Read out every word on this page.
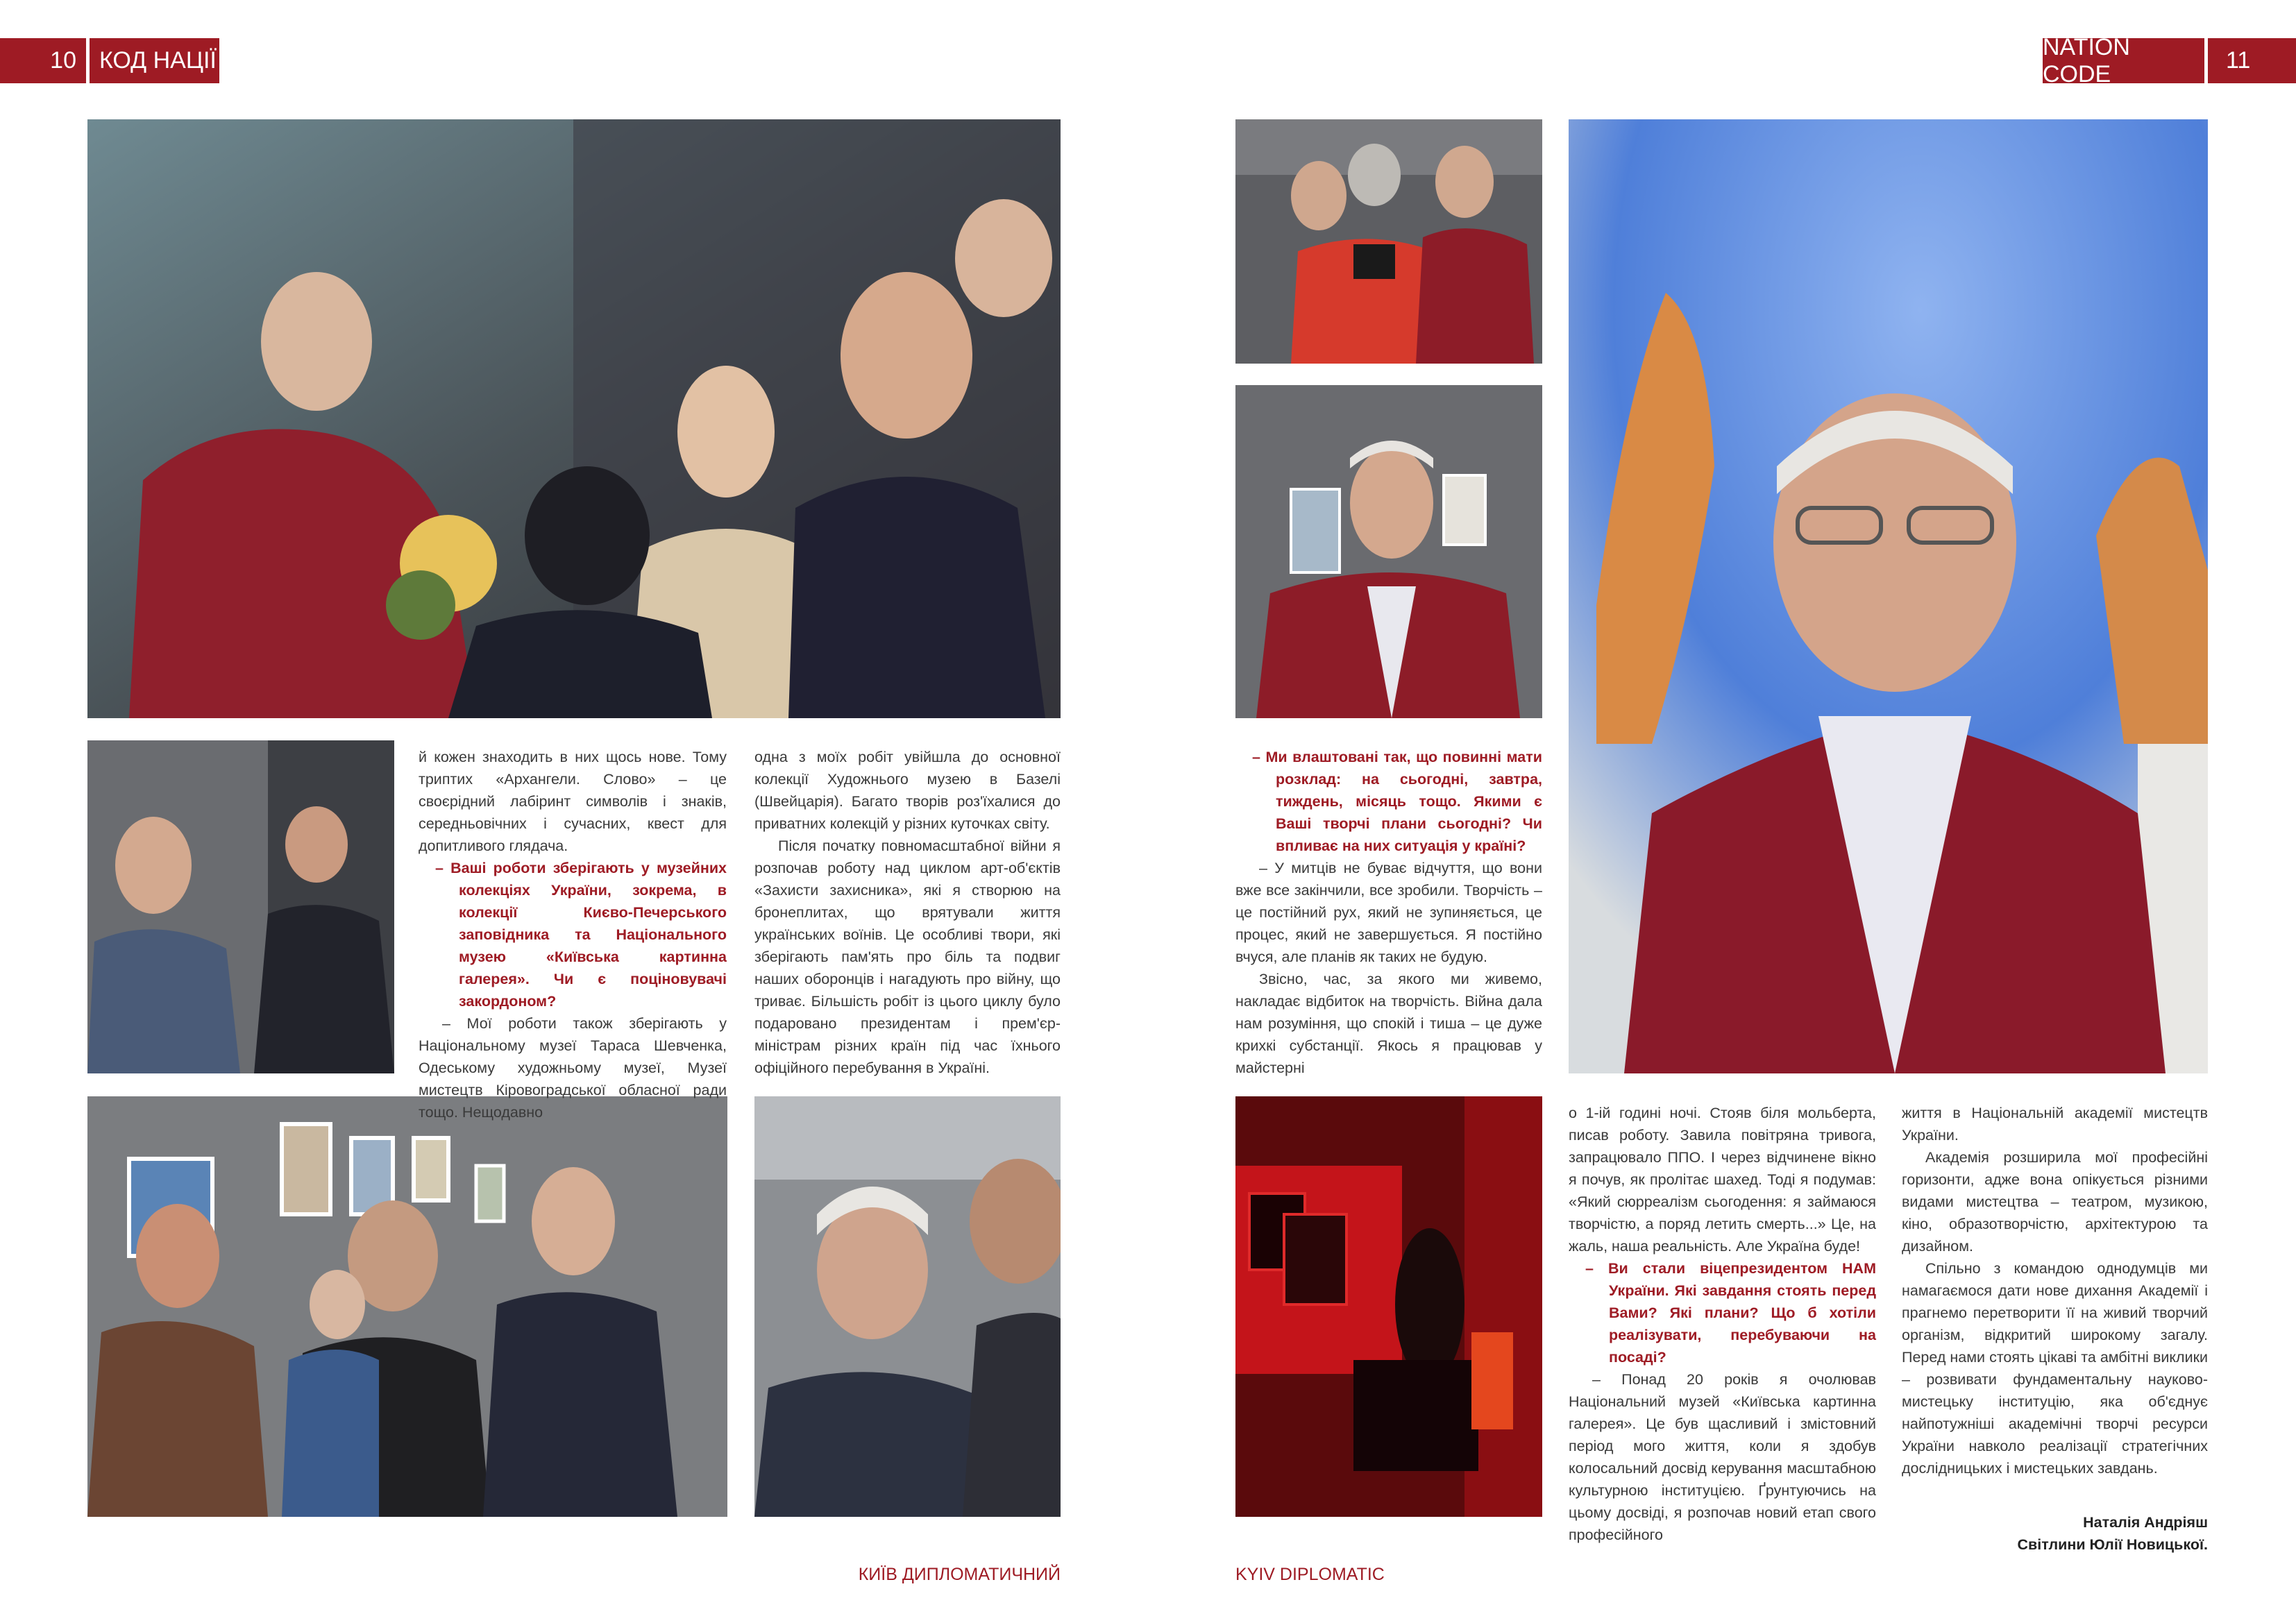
10 КОД НАЦІЇ
NATION CODE
11

й кожен знаходить в них щось нове. Тому триптих «Архангели. Слово» – це своєрідний лабіринт символів і знаків, середньовічних і сучасних, квест для допитливого глядача.

– Ваші роботи зберігають у музейних колекціях України, зокрема, в колекції Києво-Печерського заповідника та Національного музею «Київська картинна галерея». Чи є поціновувачі закордоном?

– Мої роботи також зберігають у Національному музеї Тараса Шевченка, Одеському художньому музеї, Музеї мистецтв Кіровоградської обласної ради тощо. Нещодавно

одна з моїх робіт увійшла до основної колекції Художнього музею в Базелі (Швейцарія). Багато творів роз'їхалися до приватних колекцій у різних куточках світу.

Після початку повномасштабної війни я розпочав роботу над циклом арт-об'єктів «Захисти захисника», які я створюю на бронеплитах, що врятували життя українських воїнів. Це особливі твори, які зберігають пам'ять про біль та подвиг наших оборонців і нагадують про війну, що триває. Більшість робіт із цього циклу було подаровано президентам і прем'єр-міністрам різних країн під час їхнього офіційного перебування в Україні.

– Ми влаштовані так, що повинні мати розклад: на сьогодні, завтра, тиждень, місяць тощо. Якими є Ваші творчі плани сьогодні? Чи впливає на них ситуація у країні?

– У митців не буває відчуття, що вони вже все закінчили, все зробили. Творчість – це постійний рух, який не зупиняється, це процес, який не завершується. Я постійно вчуся, але планів як таких не будую.

Звісно, час, за якого ми живемо, накладає відбиток на творчість. Війна дала нам розуміння, що спокій і тиша – це дуже крихкі субстанції. Якось я працював у майстерні

о 1-ій годині ночі. Стояв біля мольберта, писав роботу. Завила повітряна тривога, запрацювало ППО. І через відчинене вікно я почув, як пролітає шахед. Тоді я подумав: «Який сюрреалізм сьогодення: я займаюся творчістю, а поряд летить смерть...» Це, на жаль, наша реальність. Але Україна буде!

– Ви стали віцепрезидентом НАМ України. Які завдання стоять перед Вами? Які плани? Що б хотіли реалізувати, перебуваючи на посаді?

– Понад 20 років я очолював Національний музей «Київська картинна галерея». Це був щасливий і змістовний період мого життя, коли я здобув колосальний досвід керування масштабною культурною інституцією. Ґрунтуючись на цьому досвіді, я розпочав новий етап свого професійного

життя в Національній академії мистецтв України.

Академія розширила мої професійні горизонти, адже вона опікується різними видами мистецтва – театром, музикою, кіно, образотворчістю, архітектурою та дизайном.

Спільно з командою однодумців ми намагаємося дати нове дихання Академії і прагнемо перетворити її на живий творчий організм, відкритий широкому загалу. Перед нами стоять цікаві та амбітні виклики – розвивати фундаментальну науково-мистецьку інституцію, яка об'єднує найпотужніші академічні творчі ресурси України навколо реалізації стратегічних дослідницьких і мистецьких завдань.

Наталія Андріяш
Світлини Юлії Новицької.
КИЇВ ДИПЛОМАТИЧНИЙ	KYIV DIPLOMATIC
